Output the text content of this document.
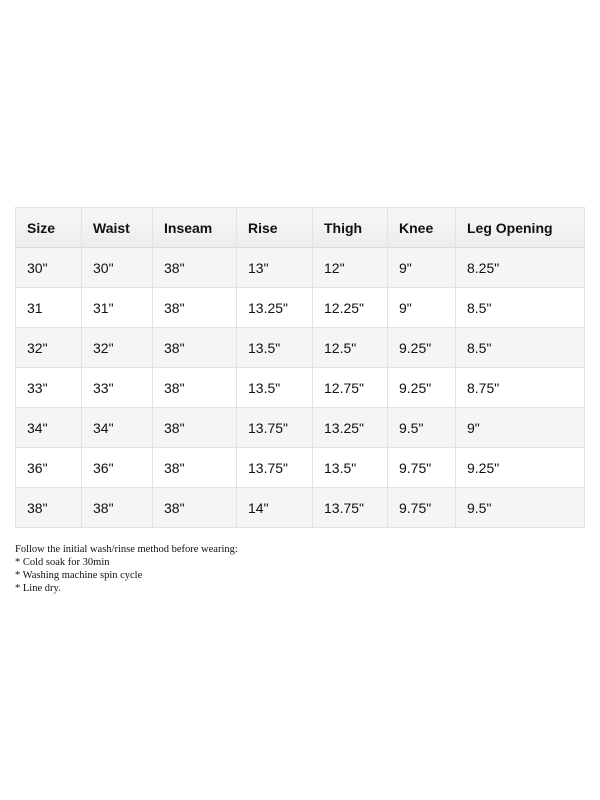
Size	Waist	Inseam	Rise	Thigh	Knee	Leg Opening
30"	30"	38"	13"	12"	9"	8.25"
31	31"	38"	13.25"	12.25"	9"	8.5"
32"	32"	38"	13.5"	12.5"	9.25"	8.5"
33"	33"	38"	13.5"	12.75"	9.25"	8.75"
34"	34"	38"	13.75"	13.25"	9.5"	9"
36"	36"	38"	13.75"	13.5"	9.75"	9.25"
38"	38"	38"	14"	13.75"	9.75"	9.5"
Follow the initial wash/rinse method before wearing:
* Cold soak for 30min
* Washing machine spin cycle
* Line dry.
